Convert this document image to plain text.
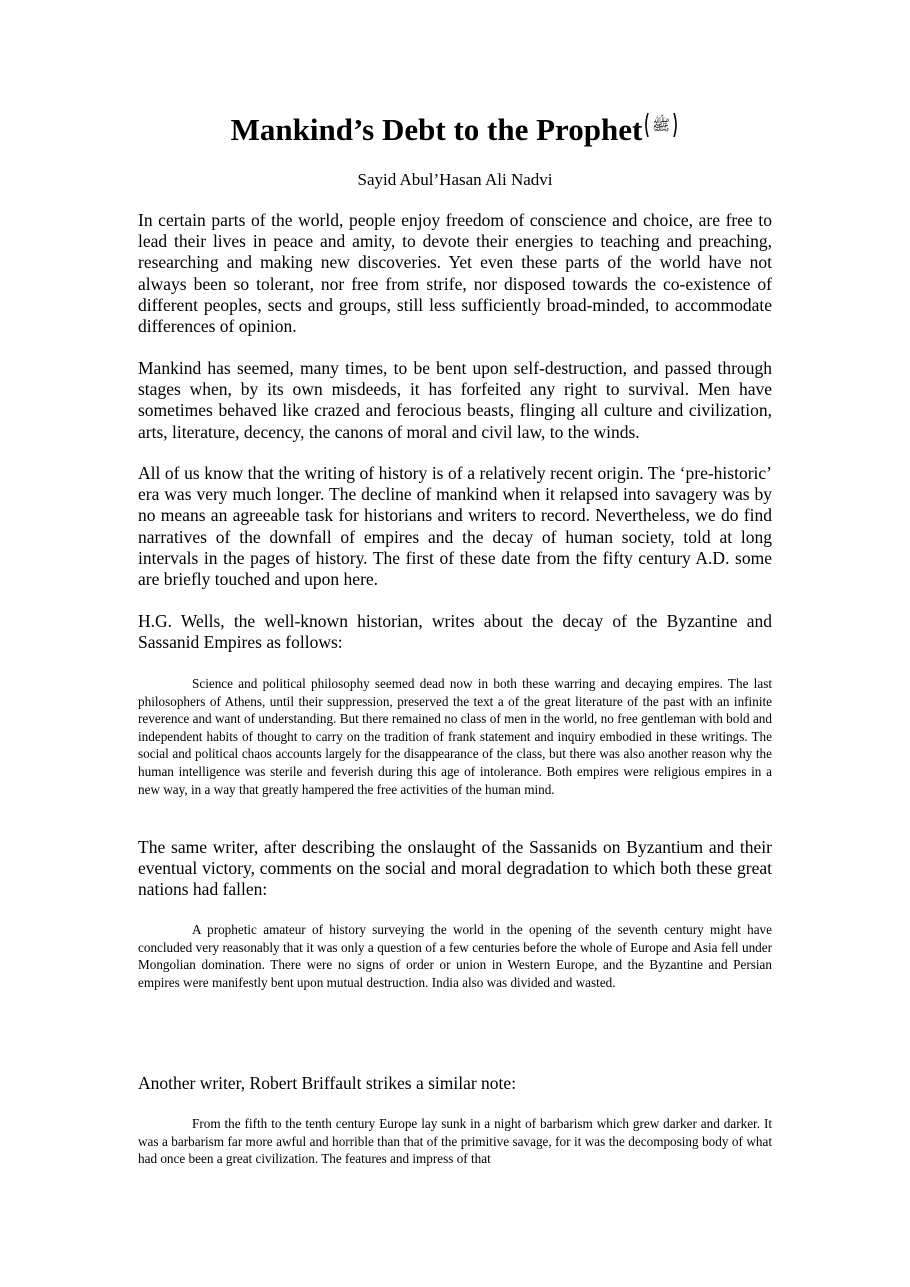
Mankind’s Debt to the Prophet ﷺ
Sayid Abul’Hasan Ali Nadvi

In certain parts of the world, people enjoy freedom of conscience and choice, are free to lead their lives in peace and amity, to devote their energies to teaching and preaching, researching and making new discoveries. Yet even these parts of the world have not always been so tolerant, nor free from strife, nor disposed towards the co-existence of different peoples, sects and groups, still less sufficiently broad-minded, to accommodate differences of opinion.

Mankind has seemed, many times, to be bent upon self-destruction, and passed through stages when, by its own misdeeds, it has forfeited any right to survival. Men have sometimes behaved like crazed and ferocious beasts, flinging all culture and civilization, arts, literature, decency, the canons of moral and civil law, to the winds.

All of us know that the writing of history is of a relatively recent origin. The ‘pre-historic’ era was very much longer. The decline of mankind when it relapsed into savagery was by no means an agreeable task for historians and writers to record. Nevertheless, we do find narratives of the downfall of empires and the decay of human society, told at long intervals in the pages of history. The first of these date from the fifty century A.D. some are briefly touched and upon here.

H.G. Wells, the well-known historian, writes about the decay of the Byzantine and Sassanid Empires as follows:

Science and political philosophy seemed dead now in both these warring and decaying empires. The last philosophers of Athens, until their suppression, preserved the text a of the great literature of the past with an infinite reverence and want of understanding. But there remained no class of men in the world, no free gentleman with bold and independent habits of thought to carry on the tradition of frank statement and inquiry embodied in these writings. The social and political chaos accounts largely for the disappearance of the class, but there was also another reason why the human intelligence was sterile and feverish during this age of intolerance. Both empires were religious empires in a new way, in a way that greatly hampered the free activities of the human mind.

The same writer, after describing the onslaught of the Sassanids on Byzantium and their eventual victory, comments on the social and moral degradation to which both these great nations had fallen:

A prophetic amateur of history surveying the world in the opening of the seventh century might have concluded very reasonably that it was only a question of a few centuries before the whole of Europe and Asia fell under Mongolian domination. There were no signs of order or union in Western Europe, and the Byzantine and Persian empires were manifestly bent upon mutual destruction. India also was divided and wasted.

Another writer, Robert Briffault strikes a similar note:

From the fifth to the tenth century Europe lay sunk in a night of barbarism which grew darker and darker. It was a barbarism far more awful and horrible than that of the primitive savage, for it was the decomposing body of what had once been a great civilization. The features and impress of that
